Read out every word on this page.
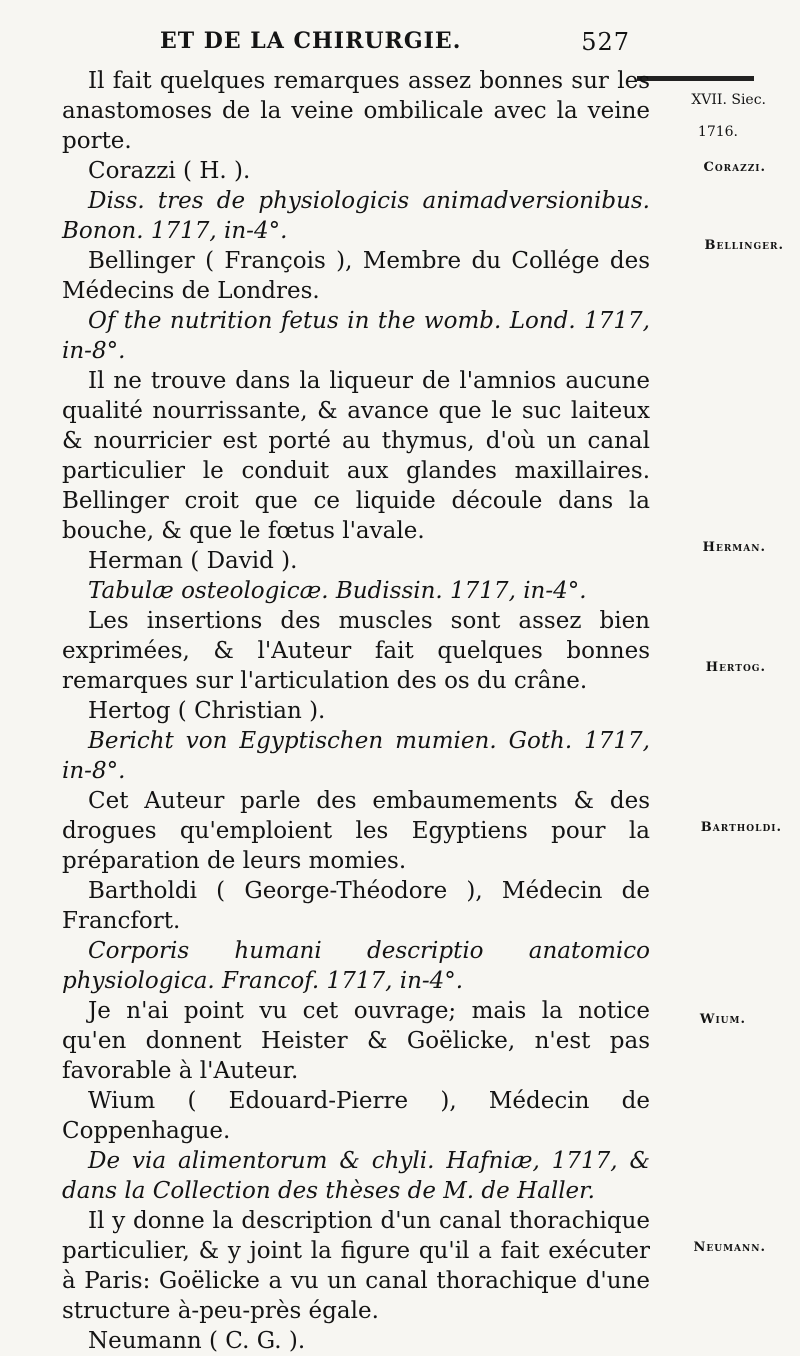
ET DE LA CHIRURGIE.	527
XVII. Siec.
1716.
Corazzi.
Bellinger.
Herman.
Hertog.
Bartholdi.
Wium.
Neumann.

Il fait quelques remarques assez bonnes sur les anastomoses de la veine ombilicale avec la veine porte.

Corazzi ( H. ).

Diss. tres de physiologicis animadversionibus. Bonon. 1717, in-4°.

Bellinger ( François ), Membre du Collége des Médecins de Londres.

Of the nutrition fetus in the womb. Lond. 1717, in-8°.

Il ne trouve dans la liqueur de l'amnios aucune qualité nourrissante, & avance que le suc laiteux & nourricier est porté au thymus, d'où un canal particulier le conduit aux glandes maxillaires. Bellinger croit que ce liquide découle dans la bouche, & que le fœtus l'avale.

Herman ( David ).

Tabulæ osteologicæ. Budissin. 1717, in-4°.

Les insertions des muscles sont assez bien exprimées, & l'Auteur fait quelques bonnes remarques sur l'articulation des os du crâne.

Hertog ( Christian ).

Bericht von Egyptischen mumien. Goth. 1717, in-8°.

Cet Auteur parle des embaumements & des drogues qu'emploient les Egyptiens pour la préparation de leurs momies.

Bartholdi ( George-Théodore ), Médecin de Francfort.

Corporis humani descriptio anatomico physiologica. Francof. 1717, in-4°.

Je n'ai point vu cet ouvrage; mais la notice qu'en donnent Heister & Goëlicke, n'est pas favorable à l'Auteur.

Wium ( Edouard-Pierre ), Médecin de Coppenhague.

De via alimentorum & chyli. Hafniæ, 1717, & dans la Collection des thèses de M. de Haller.

Il y donne la description d'un canal thorachique particulier, & y joint la figure qu'il a fait exécuter à Paris: Goëlicke a vu un canal thorachique d'une structure à-peu-près égale.

Neumann ( C. G. ).
